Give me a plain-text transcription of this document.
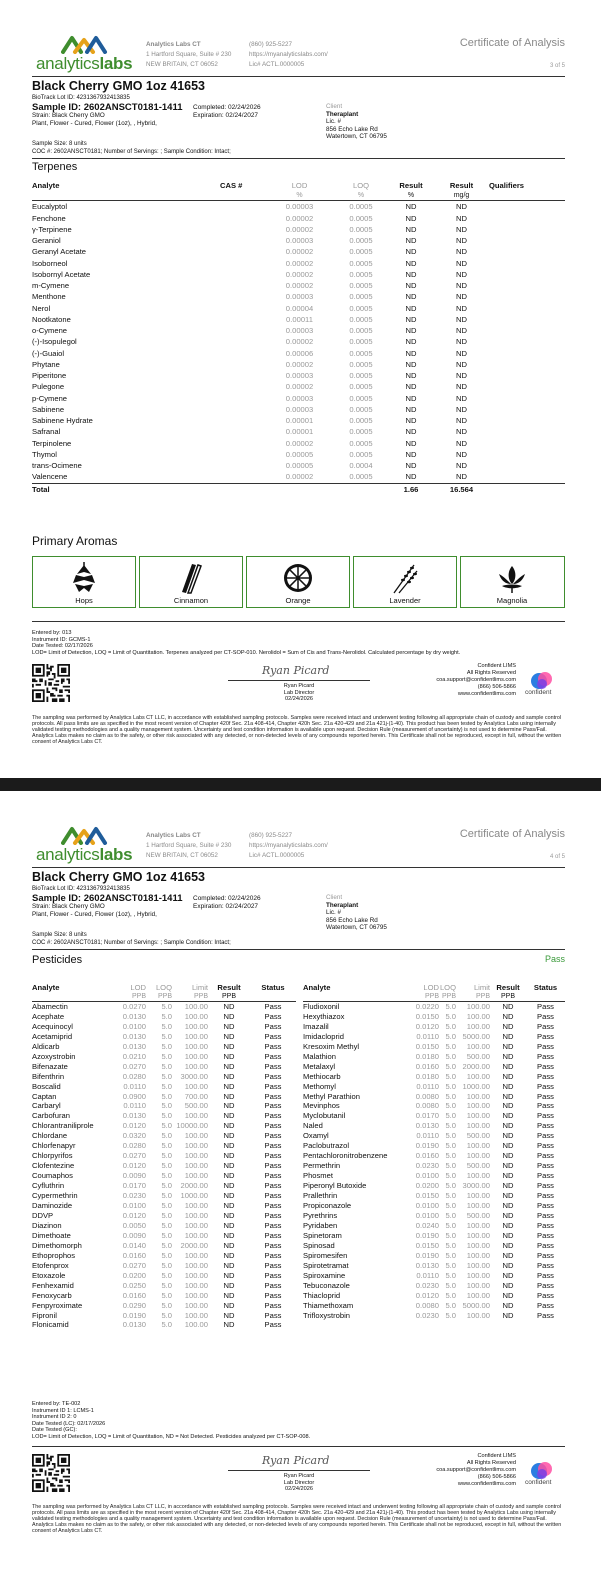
analyticslabs
Analytics Labs CT
1 Hartford Square, Suite # 230
NEW BRITAIN, CT 06052
(860) 925-5227
https://myanalyticslabs.com/
Lic# ACTL.0000005
Certificate of Analysis
3 of 5
Black Cherry GMO 1oz 41653
BioTrack Lot ID: 4231367932413835
Sample ID: 2602ANSCT0181-1411 Completed: 02/24/2026
Expiration: 02/24/2027
Strain: Black Cherry GMO
Plant, Flower - Cured, Flower (1oz), , Hybrid,
Client
Theraplant
Lic. #
856 Echo Lake Rd
Watertown, CT 06795
Sample Size: 8 units
COC #: 2602ANSCT0181; Number of Servings: ; Sample Condition: Intact;
Terpenes
Analyte	CAS #	LOD	LOQ	Result	Result	Qualifiers
		%	%	%	mg/g	
Eucalyptol		0.00003	0.0005	ND	ND	
Fenchone		0.00002	0.0005	ND	ND	
γ-Terpinene		0.00002	0.0005	ND	ND	
Geraniol		0.00003	0.0005	ND	ND	
Geranyl Acetate		0.00002	0.0005	ND	ND	
Isoborneol		0.00002	0.0005	ND	ND	
Isobornyl Acetate		0.00002	0.0005	ND	ND	
m-Cymene		0.00002	0.0005	ND	ND	
Menthone		0.00003	0.0005	ND	ND	
Nerol		0.00004	0.0005	ND	ND	
Nootkatone		0.00011	0.0005	ND	ND	
o-Cymene		0.00003	0.0005	ND	ND	
(-)-Isopulegol		0.00002	0.0005	ND	ND	
(-)-Guaiol		0.00006	0.0005	ND	ND	
Phytane		0.00002	0.0005	ND	ND	
Piperitone		0.00003	0.0005	ND	ND	
Pulegone		0.00002	0.0005	ND	ND	
p-Cymene		0.00003	0.0005	ND	ND	
Sabinene		0.00003	0.0005	ND	ND	
Sabinene Hydrate		0.00001	0.0005	ND	ND	
Safranal		0.00001	0.0005	ND	ND	
Terpinolene		0.00002	0.0005	ND	ND	
Thymol		0.00005	0.0005	ND	ND	
trans-Ocimene		0.00005	0.0004	ND	ND	
Valencene		0.00002	0.0005	ND	ND	
Total				1.66	16.564	
Primary Aromas
Hops	Cinnamon	Orange	Lavender	Magnolia
Entered by: 013
Instrument ID: GCMS-1
Date Tested: 02/17/2026
LOD= Limit of Detection, LOQ = Limit of Quantitation. Terpenes analyzed per CT-SOP-010. Nerolidol = Sum of Cis and Trans-Nerolidol. Calculated percentage by dry weight.
Ryan Picard
Ryan Picard
Lab Director
02/24/2026
Confident LIMS
All Rights Reserved
coa.support@confidentlims.com
(866) 506-5866
www.confidentlims.com confident
The sampling was performed by Analytics Labs CT LLC, in accordance with established sampling protocols. Samples were received intact and underwent testing following all appropriate chain of custody and sample control protocols. All pass limits are as specified in the most recent version of Chapter 420f Sec. 21a 408-414, Chapter 420h Sec. 21a 420-429 and 21a 421j-(1-40). This product has been tested by Analytics Labs using internally validated testing methodologies and a quality management system. Uncertainty and test condition information is available upon request. Decision Rule (measurement of uncertainty) is not used to determine Pass/Fail. Analytics Labs makes no claim as to the safety, or other risk associated with any detected, or non-detected levels of any compounds reported herein. This Certificate shall not be reproduced, except in full, without the written consent of Analytics Labs CT.
analyticslabs
Analytics Labs CT
1 Hartford Square, Suite # 230
NEW BRITAIN, CT 06052
(860) 925-5227
https://myanalyticslabs.com/
Lic# ACTL.0000005
Certificate of Analysis
4 of 5
Black Cherry GMO 1oz 41653
BioTrack Lot ID: 4231367932413835
Sample ID: 2602ANSCT0181-1411 Completed: 02/24/2026
Expiration: 02/24/2027
Strain: Black Cherry GMO
Plant, Flower - Cured, Flower (1oz), , Hybrid,
Client
Theraplant
Lic. #
856 Echo Lake Rd
Watertown, CT 06795
Sample Size: 8 units
COC #: 2602ANSCT0181; Number of Servings: ; Sample Condition: Intact;
Pesticides	Pass
Analyte	LOD	LOQ	Limit	Result	Status
	PPB	PPB	PPB	PPB	
Abamectin	0.0270	5.0	100.00	ND	Pass
Acephate	0.0130	5.0	100.00	ND	Pass
Acequinocyl	0.0100	5.0	100.00	ND	Pass
Acetamiprid	0.0130	5.0	100.00	ND	Pass
Aldicarb	0.0130	5.0	100.00	ND	Pass
Azoxystrobin	0.0210	5.0	100.00	ND	Pass
Bifenazate	0.0270	5.0	100.00	ND	Pass
Bifenthrin	0.0280	5.0	3000.00	ND	Pass
Boscalid	0.0110	5.0	100.00	ND	Pass
Captan	0.0900	5.0	700.00	ND	Pass
Carbaryl	0.0110	5.0	500.00	ND	Pass
Carbofuran	0.0130	5.0	100.00	ND	Pass
Chlorantraniliprole	0.0120	5.0	10000.00	ND	Pass
Chlordane	0.0320	5.0	100.00	ND	Pass
Chlorfenapyr	0.0280	5.0	100.00	ND	Pass
Chlorpyrifos	0.0270	5.0	100.00	ND	Pass
Clofentezine	0.0120	5.0	100.00	ND	Pass
Coumaphos	0.0090	5.0	100.00	ND	Pass
Cyfluthrin	0.0170	5.0	2000.00	ND	Pass
Cypermethrin	0.0230	5.0	1000.00	ND	Pass
Daminozide	0.0100	5.0	100.00	ND	Pass
DDVP	0.0120	5.0	100.00	ND	Pass
Diazinon	0.0050	5.0	100.00	ND	Pass
Dimethoate	0.0090	5.0	100.00	ND	Pass
Dimethomorph	0.0140	5.0	2000.00	ND	Pass
Ethoprophos	0.0160	5.0	100.00	ND	Pass
Etofenprox	0.0270	5.0	100.00	ND	Pass
Etoxazole	0.0200	5.0	100.00	ND	Pass
Fenhexamid	0.0250	5.0	100.00	ND	Pass
Fenoxycarb	0.0160	5.0	100.00	ND	Pass
Fenpyroximate	0.0290	5.0	100.00	ND	Pass
Fipronil	0.0190	5.0	100.00	ND	Pass
Flonicamid	0.0130	5.0	100.00	ND	Pass
Analyte	LOD	LOQ	Limit	Result	Status
	PPB	PPB	PPB	PPB	
Fludioxonil	0.0220	5.0	100.00	ND	Pass
Hexythiazox	0.0150	5.0	100.00	ND	Pass
Imazalil	0.0120	5.0	100.00	ND	Pass
Imidacloprid	0.0110	5.0	5000.00	ND	Pass
Kresoxim Methyl	0.0150	5.0	100.00	ND	Pass
Malathion	0.0180	5.0	500.00	ND	Pass
Metalaxyl	0.0160	5.0	2000.00	ND	Pass
Methiocarb	0.0180	5.0	100.00	ND	Pass
Methomyl	0.0110	5.0	1000.00	ND	Pass
Methyl Parathion	0.0080	5.0	100.00	ND	Pass
Mevinphos	0.0080	5.0	100.00	ND	Pass
Myclobutanil	0.0170	5.0	100.00	ND	Pass
Naled	0.0130	5.0	100.00	ND	Pass
Oxamyl	0.0110	5.0	500.00	ND	Pass
Paclobutrazol	0.0190	5.0	100.00	ND	Pass
Pentachloronitrobenzene	0.0160	5.0	100.00	ND	Pass
Permethrin	0.0230	5.0	500.00	ND	Pass
Phosmet	0.0100	5.0	100.00	ND	Pass
Piperonyl Butoxide	0.0200	5.0	3000.00	ND	Pass
Prallethrin	0.0150	5.0	100.00	ND	Pass
Propiconazole	0.0100	5.0	100.00	ND	Pass
Pyrethrins	0.0100	5.0	500.00	ND	Pass
Pyridaben	0.0240	5.0	100.00	ND	Pass
Spinetoram	0.0190	5.0	100.00	ND	Pass
Spinosad	0.0150	5.0	100.00	ND	Pass
Spiromesifen	0.0190	5.0	100.00	ND	Pass
Spirotetramat	0.0130	5.0	100.00	ND	Pass
Spiroxamine	0.0110	5.0	100.00	ND	Pass
Tebuconazole	0.0230	5.0	100.00	ND	Pass
Thiacloprid	0.0120	5.0	100.00	ND	Pass
Thiamethoxam	0.0080	5.0	5000.00	ND	Pass
Trifloxystrobin	0.0230	5.0	100.00	ND	Pass
Entered by: TE-002
Instrument ID 1: LCMS-1
Instrument ID 2: 0
Date Tested (LC): 02/17/2026
Date Tested (GC):
LOD= Limit of Detection, LOQ = Limit of Quantitation, ND = Not Detected. Pesticides analyzed per CT-SOP-008.
Ryan Picard
Ryan Picard
Lab Director
02/24/2026
Confident LIMS
All Rights Reserved
coa.support@confidentlims.com
(866) 506-5866
www.confidentlims.com confident
The sampling was performed by Analytics Labs CT LLC, in accordance with established sampling protocols. Samples were received intact and underwent testing following all appropriate chain of custody and sample control protocols. All pass limits are as specified in the most recent version of Chapter 420f Sec. 21a 408-414, Chapter 420h Sec. 21a 420-429 and 21a 421j-(1-40). This product has been tested by Analytics Labs using internally validated testing methodologies and a quality management system. Uncertainty and test condition information is available upon request. Decision Rule (measurement of uncertainty) is not used to determine Pass/Fail. Analytics Labs makes no claim as to the safety, or other risk associated with any detected, or non-detected levels of any compounds reported herein. This Certificate shall not be reproduced, except in full, without the written consent of Analytics Labs CT.
